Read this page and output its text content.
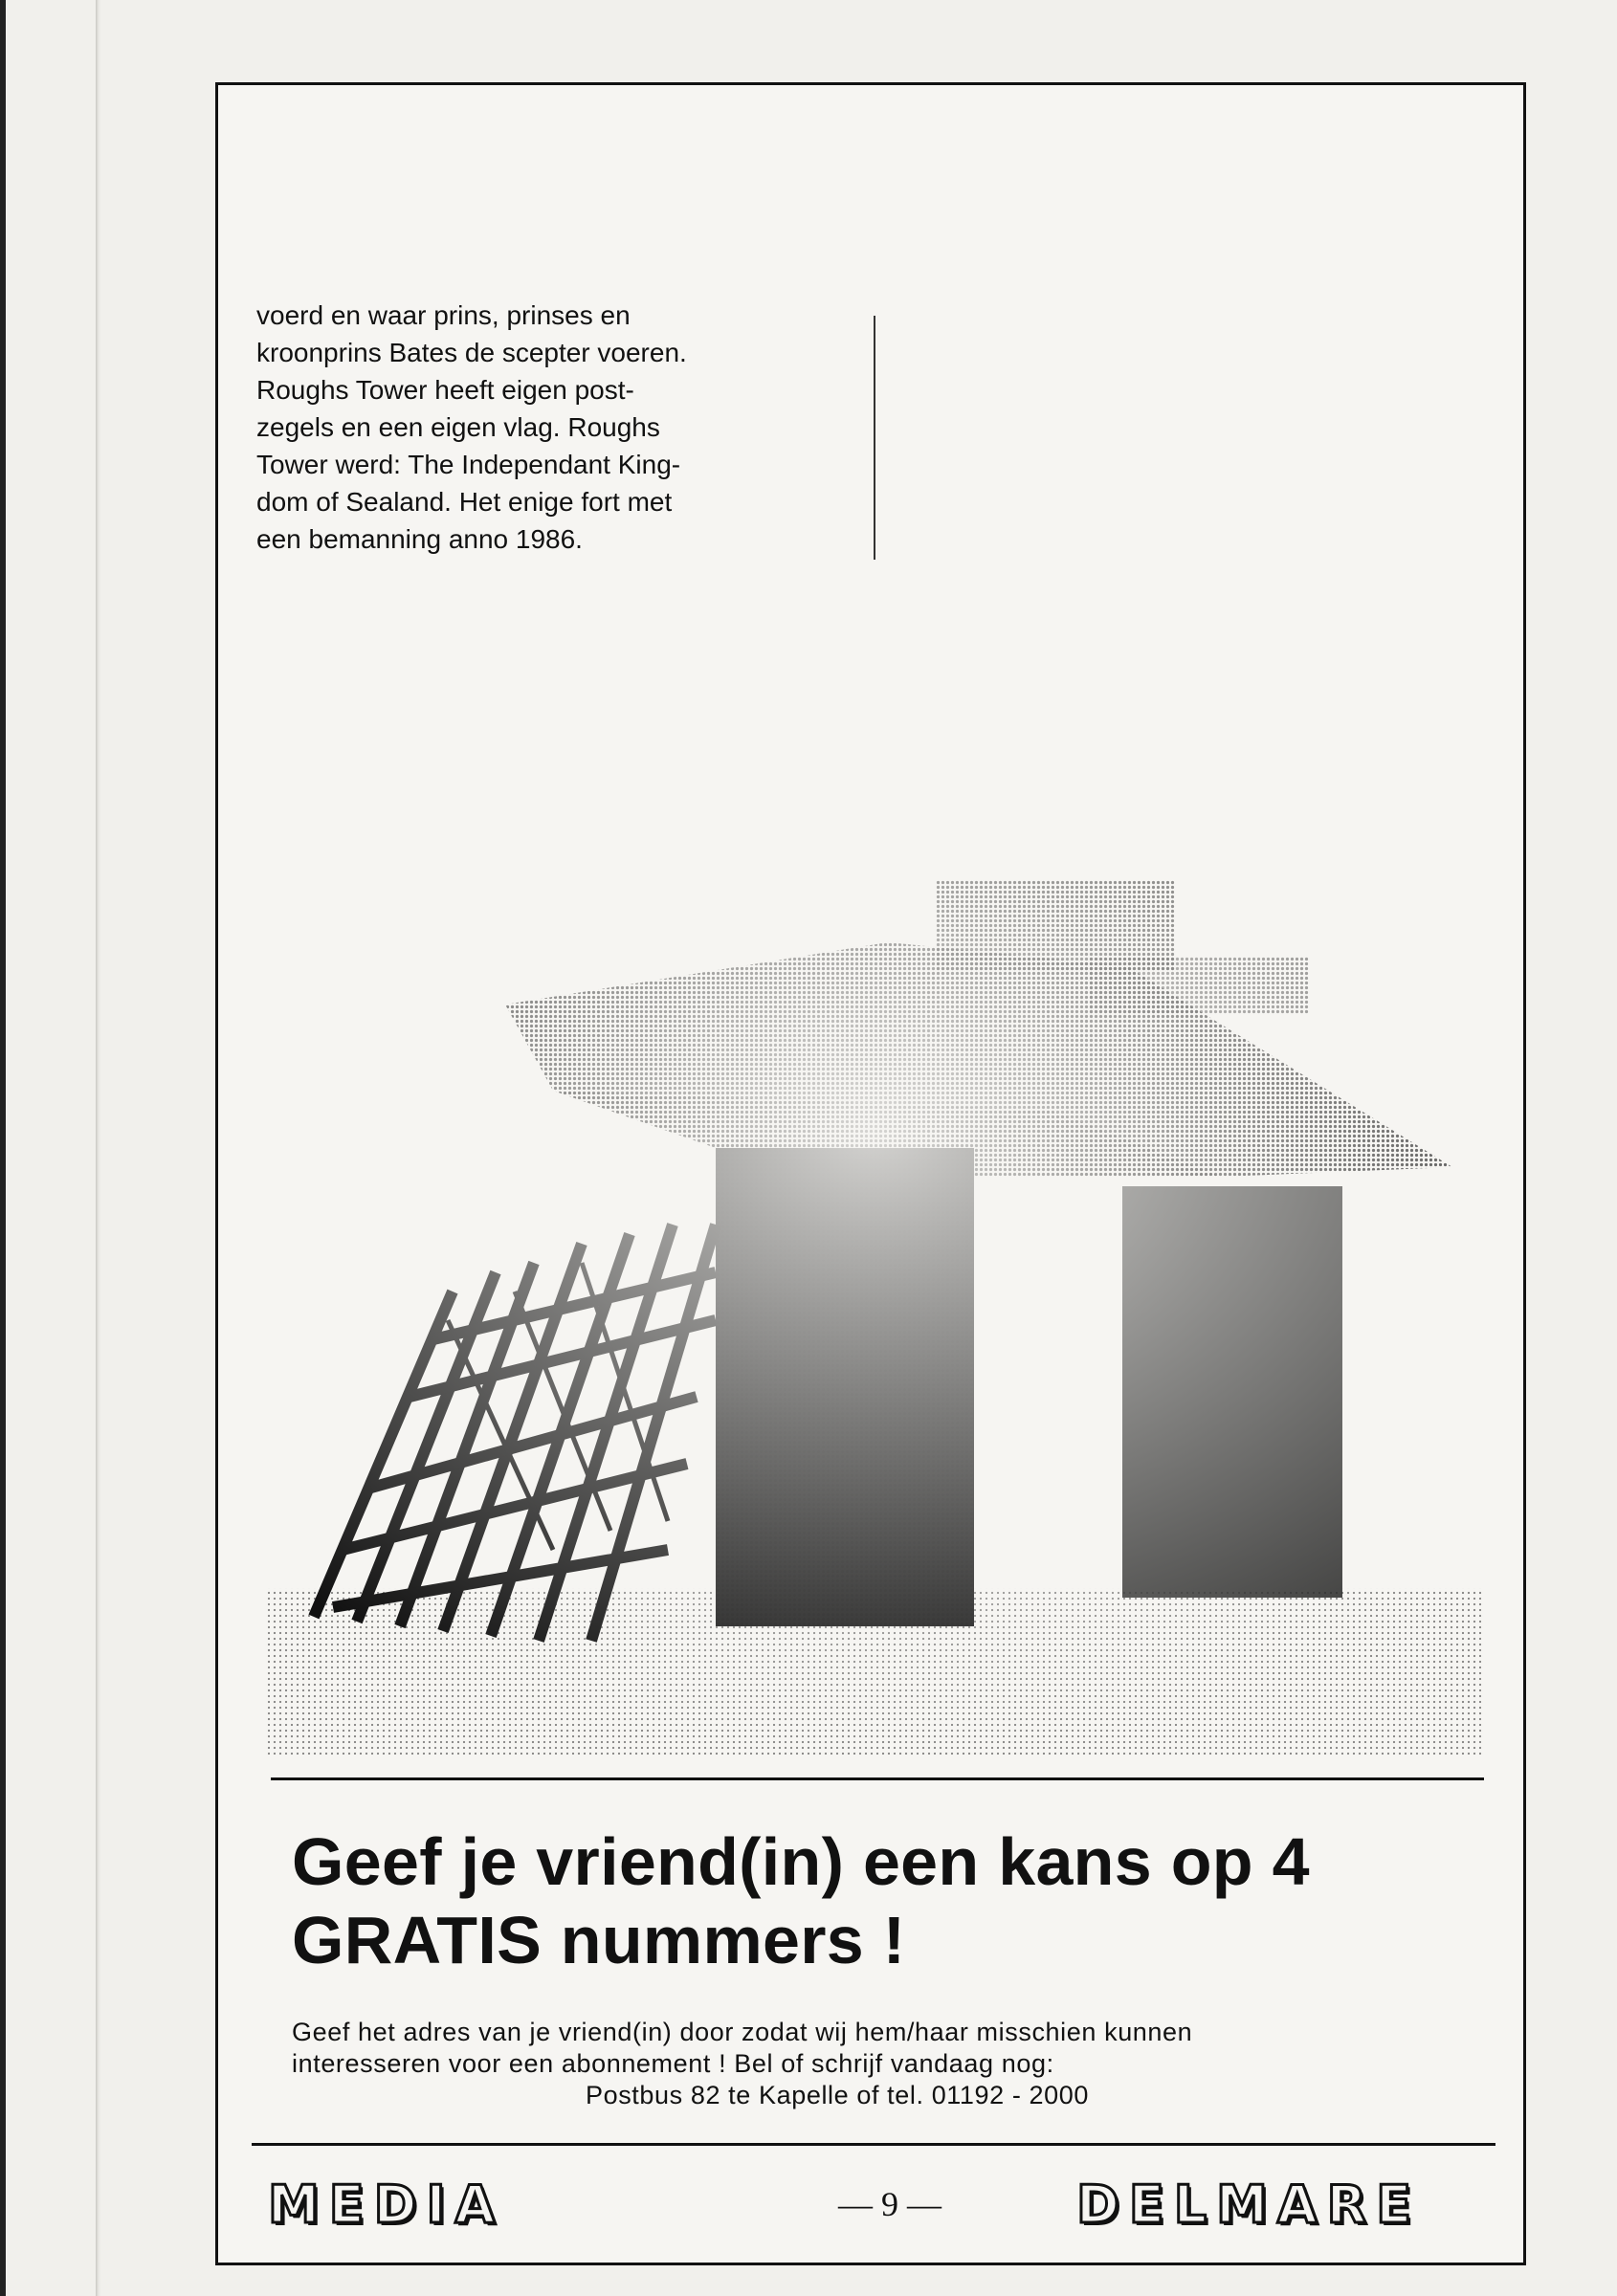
voerd en waar prins, prinses en

kroonprins Bates de scepter voeren.

Roughs Tower heeft eigen post-

zegels en een eigen vlag. Roughs

Tower werd: The Independant King-

dom of Sealand. Het enige fort met

een bemanning anno 1986.

Geef je vriend(in) een kans op 4
GRATIS nummers !
Geef het adres van je vriend(in) door zodat wij hem/haar misschien kunnen
interesseren voor een abonnement ! Bel of schrijf vandaag nog:
Postbus 82 te Kapelle of tel. 01192 - 2000
MEDIA	— 9 —	DELMARE
